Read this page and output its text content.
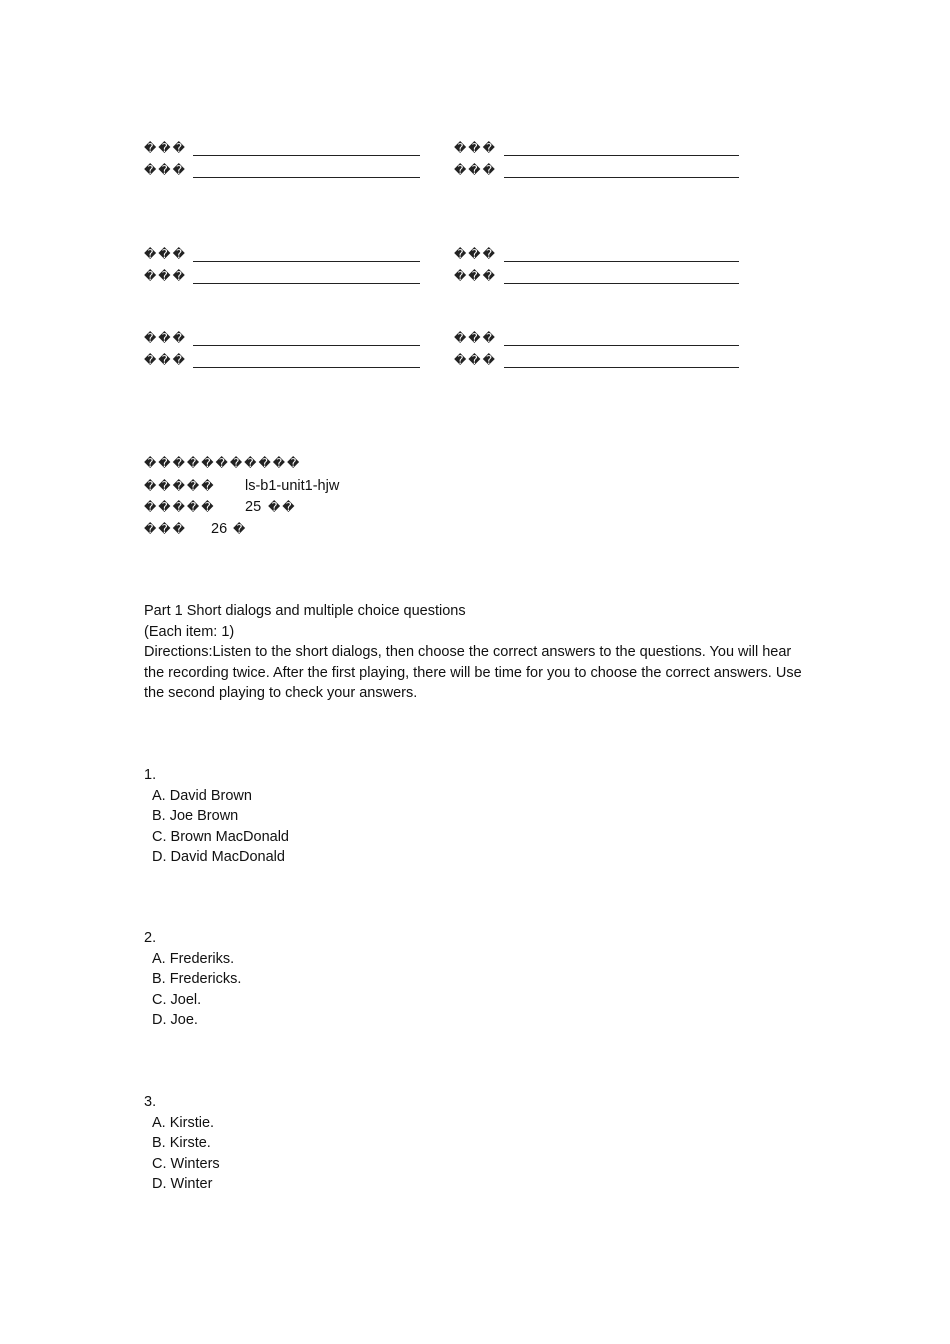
���	���
���	���
���	���
���	���
���	���
���	���
�����������
����� ls-b1-unit1-hjw
����� 25 ��
��� 26 �
Part 1 Short dialogs and multiple choice questions
(Each item: 1)
Directions:Listen to the short dialogs, then choose the correct answers to the questions. You will hear the recording twice. After the first playing, there will be time for you to choose the correct answers. Use the second playing to check your answers.
1.
A. David Brown
B. Joe Brown
C. Brown MacDonald
D. David MacDonald
2.
A. Frederiks.
B. Fredericks.
C. Joel.
D. Joe.
3.
A. Kirstie.
B. Kirste.
C. Winters
D. Winter
